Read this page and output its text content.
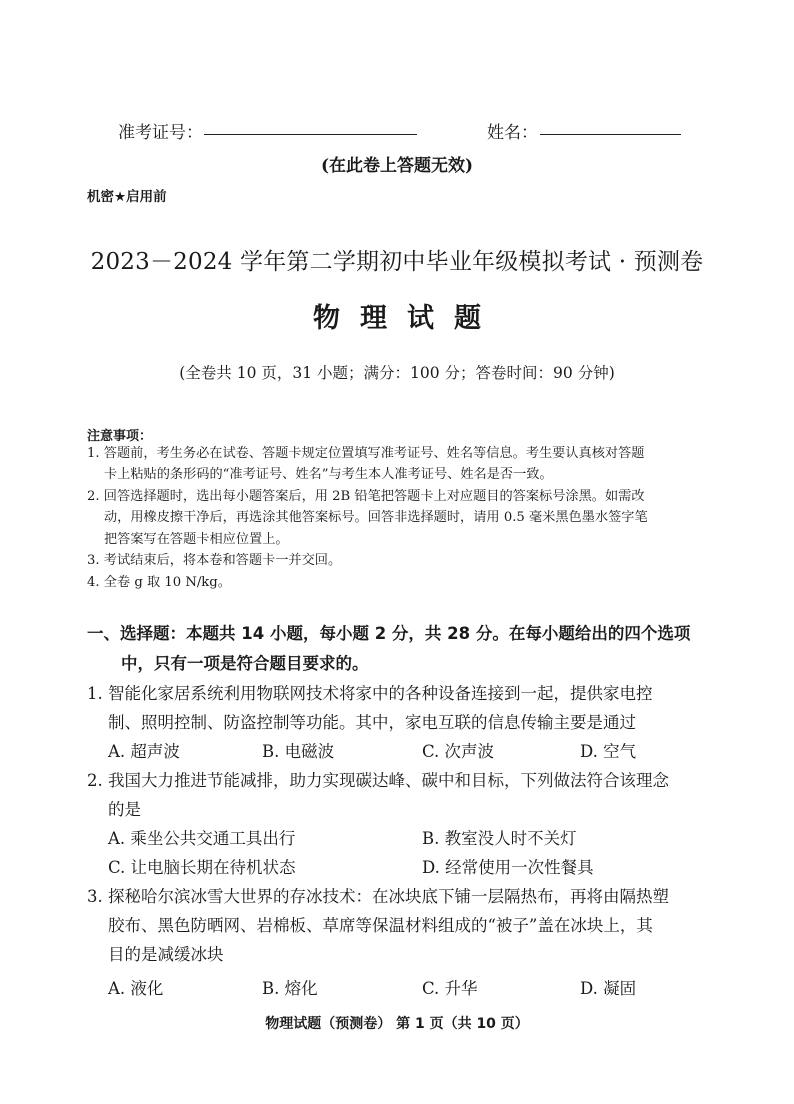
准考证号：	姓名：
(在此卷上答题无效)
机密★启用前
2023－2024 学年第二学期初中毕业年级模拟考试 · 预测卷
物理试题
(全卷共 10 页，31 小题；满分：100 分；答卷时间：90 分钟)
注意事项：
1. 答题前，考生务必在试卷、答题卡规定位置填写准考证号、姓名等信息。考生要认真核对答题
卡上粘贴的条形码的“准考证号、姓名”与考生本人准考证号、姓名是否一致。
2. 回答选择题时，选出每小题答案后，用 2B 铅笔把答题卡上对应题目的答案标号涂黑。如需改
动，用橡皮擦干净后，再选涂其他答案标号。回答非选择题时，请用 0.5 毫米黑色墨水签字笔
把答案写在答题卡相应位置上。
3. 考试结束后，将本卷和答题卡一并交回。
4. 全卷 g 取 10 N/kg。
一、选择题：本题共 14 小题，每小题 2 分，共 28 分。在每小题给出的四个选项
中，只有一项是符合题目要求的。
1. 智能化家居系统利用物联网技术将家中的各种设备连接到一起，提供家电控
制、照明控制、防盗控制等功能。其中，家电互联的信息传输主要是通过
A. 超声波	B. 电磁波	C. 次声波	D. 空气
2. 我国大力推进节能减排，助力实现碳达峰、碳中和目标，下列做法符合该理念
的是
A. 乘坐公共交通工具出行	B. 教室没人时不关灯
C. 让电脑长期在待机状态	D. 经常使用一次性餐具
3. 探秘哈尔滨冰雪大世界的存冰技术：在冰块底下铺一层隔热布，再将由隔热塑
胶布、黑色防晒网、岩棉板、草席等保温材料组成的“被子”盖在冰块上，其
目的是减缓冰块
A. 液化	B. 熔化	C. 升华	D. 凝固
物理试题（预测卷） 第 1 页（共 10 页）
